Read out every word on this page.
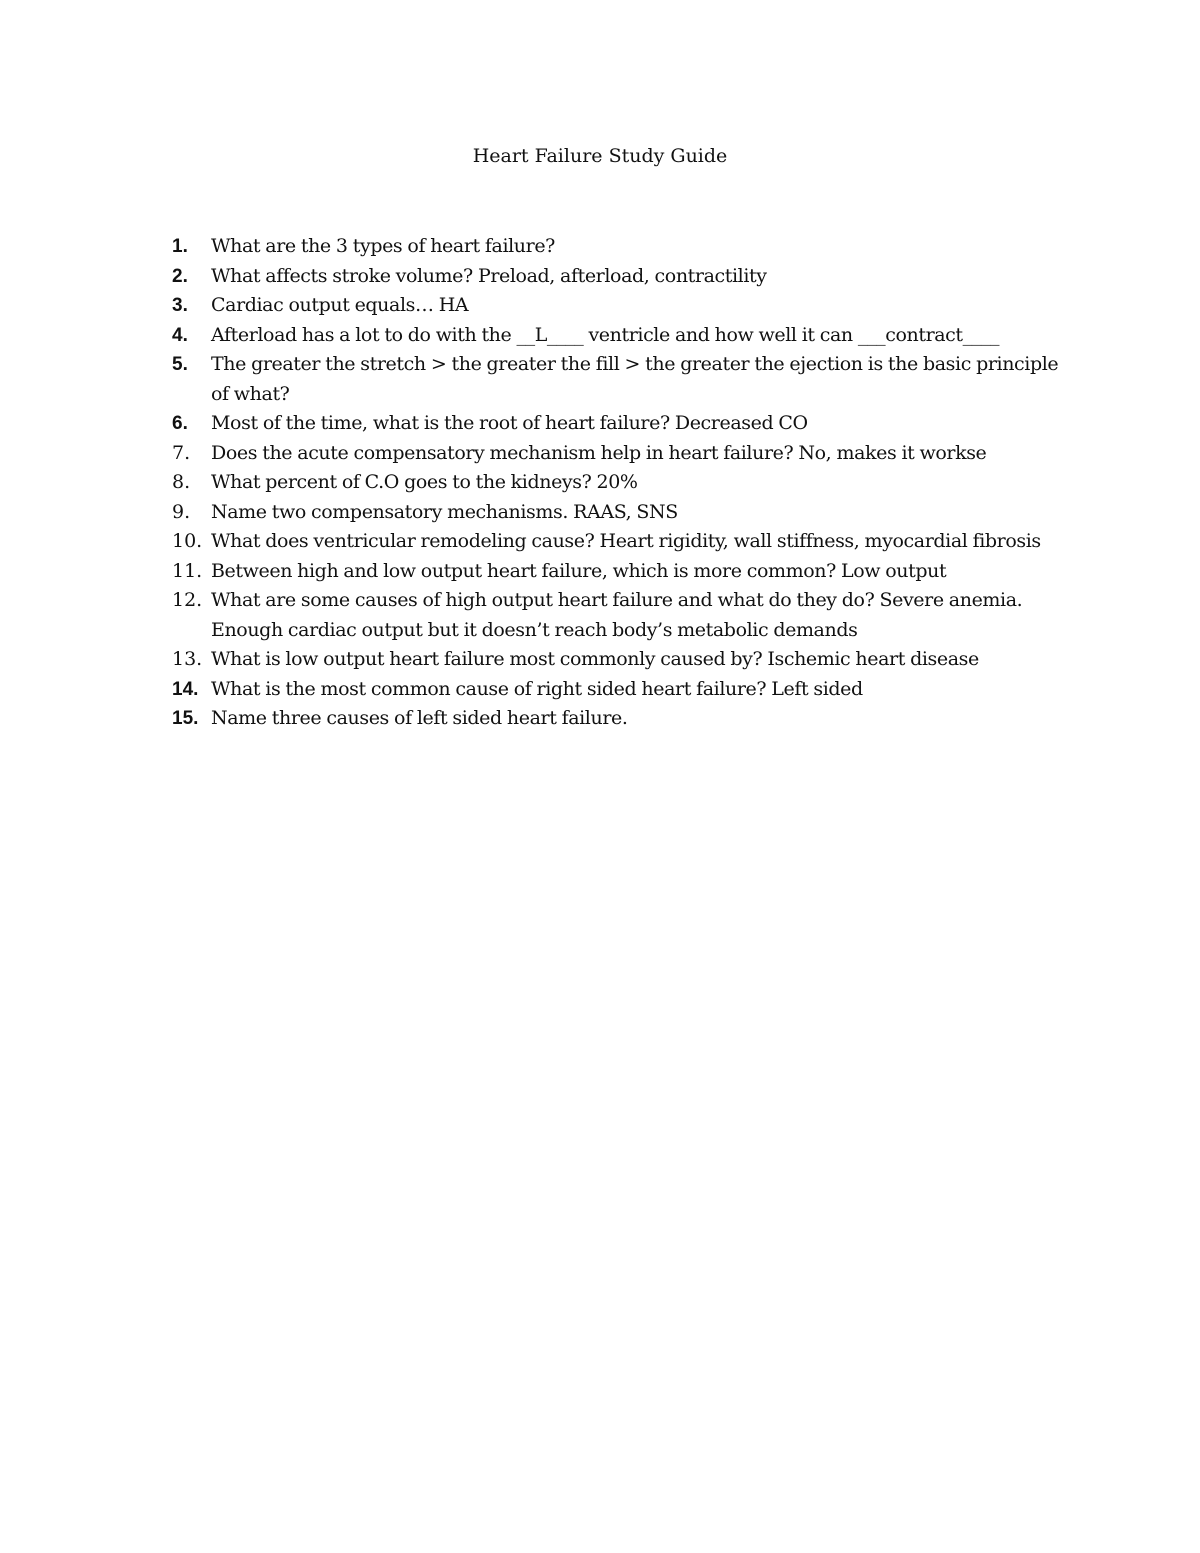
Heart Failure Study Guide
1.	What are the 3 types of heart failure?
2.	What affects stroke volume? Preload, afterload, contractility
3.	Cardiac output equals… HA
4.	Afterload has a lot to do with the __L____ ventricle and how well it can ___contract____
5.	The greater the stretch > the greater the fill > the greater the ejection is the basic principle of what?
6.	Most of the time, what is the root of heart failure? Decreased CO
7.	Does the acute compensatory mechanism help in heart failure? No, makes it workse
8.	What percent of C.O goes to the kidneys? 20%
9.	Name two compensatory mechanisms. RAAS, SNS
10. What does ventricular remodeling cause? Heart rigidity, wall stiffness, myocardial fibrosis
11. Between high and low output heart failure, which is more common? Low output
12. What are some causes of high output heart failure and what do they do? Severe anemia. Enough cardiac output but it doesn’t reach body’s metabolic demands
13. What is low output heart failure most commonly caused by? Ischemic heart disease
14. What is the most common cause of right sided heart failure? Left sided
15. Name three causes of left sided heart failure.
